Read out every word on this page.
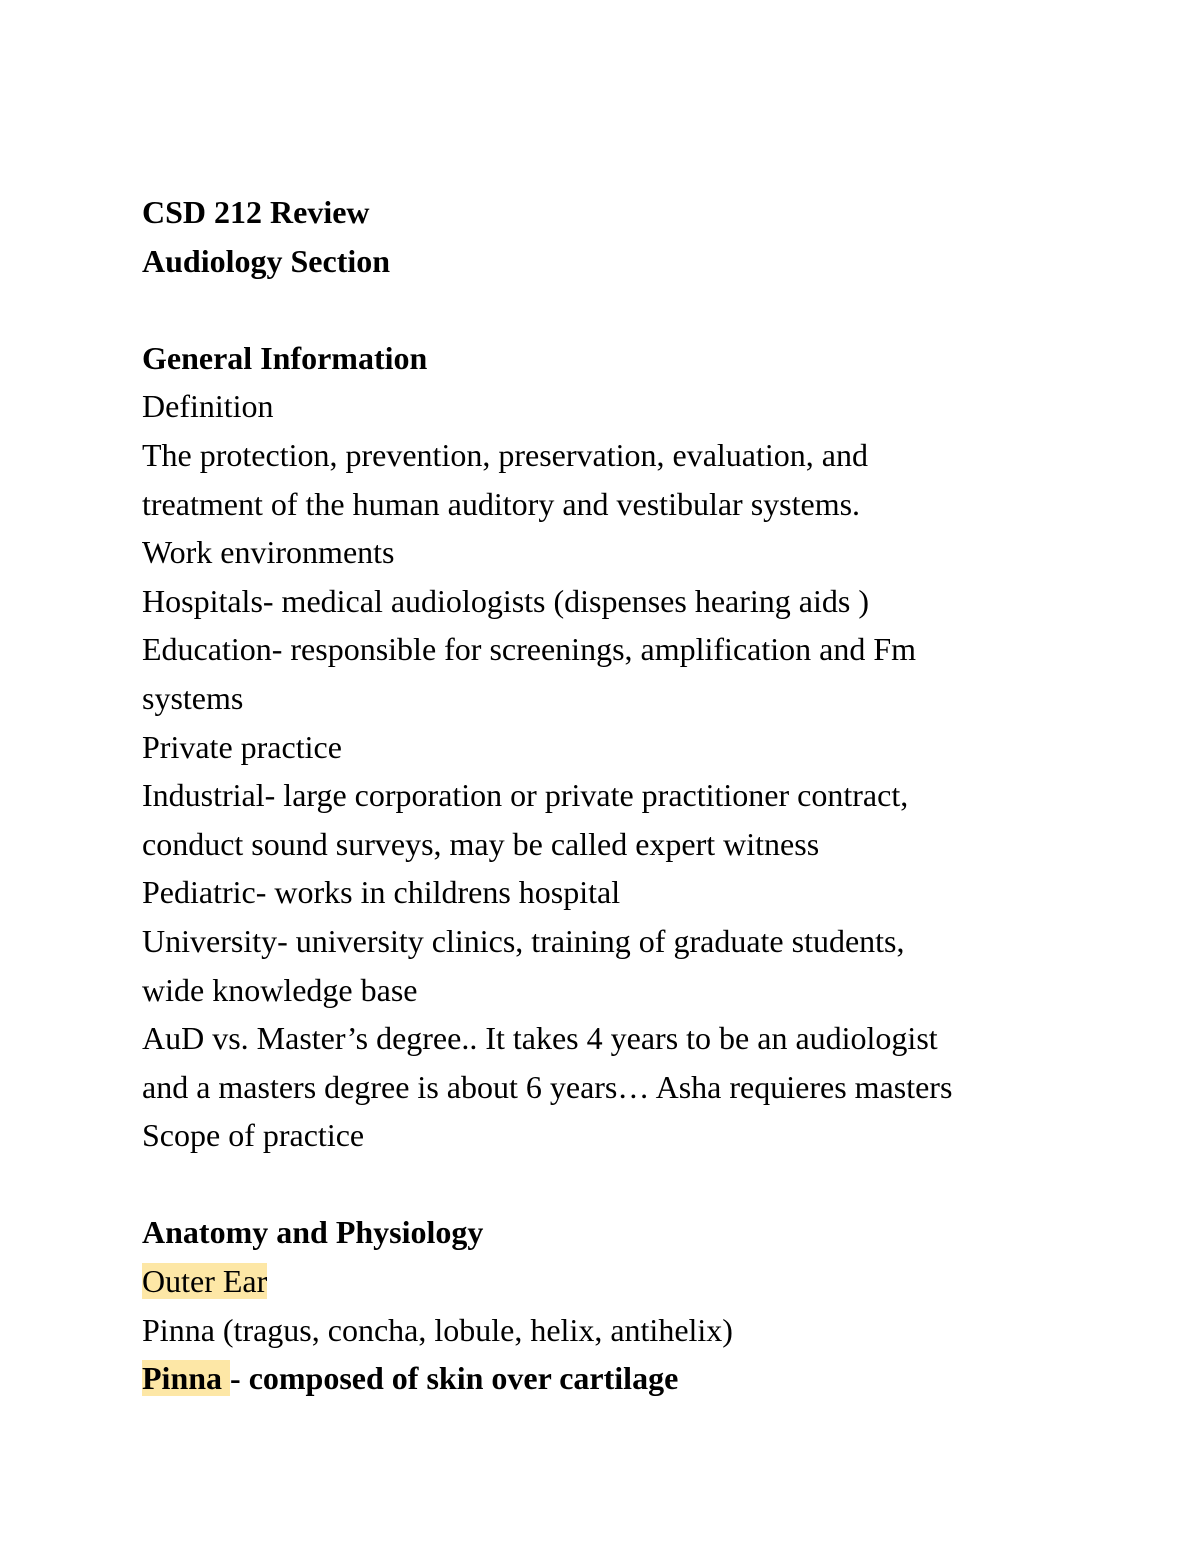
CSD 212 Review
Audiology Section
General Information
Definition
The protection, prevention, preservation, evaluation, and
treatment of the human auditory and vestibular systems.
Work environments
Hospitals- medical audiologists (dispenses hearing aids )
Education- responsible for screenings, amplification and Fm
systems
Private practice
Industrial- large corporation or private practitioner contract,
conduct sound surveys, may be called expert witness
Pediatric- works in childrens hospital
University- university clinics, training of graduate students,
wide knowledge base
AuD vs. Master’s degree.. It takes 4 years to be an audiologist
and a masters degree is about 6 years… Asha requieres masters
Scope of practice
Anatomy and Physiology
Outer Ear
Pinna (tragus, concha, lobule, helix, antihelix)
Pinna - composed of skin over cartilage
